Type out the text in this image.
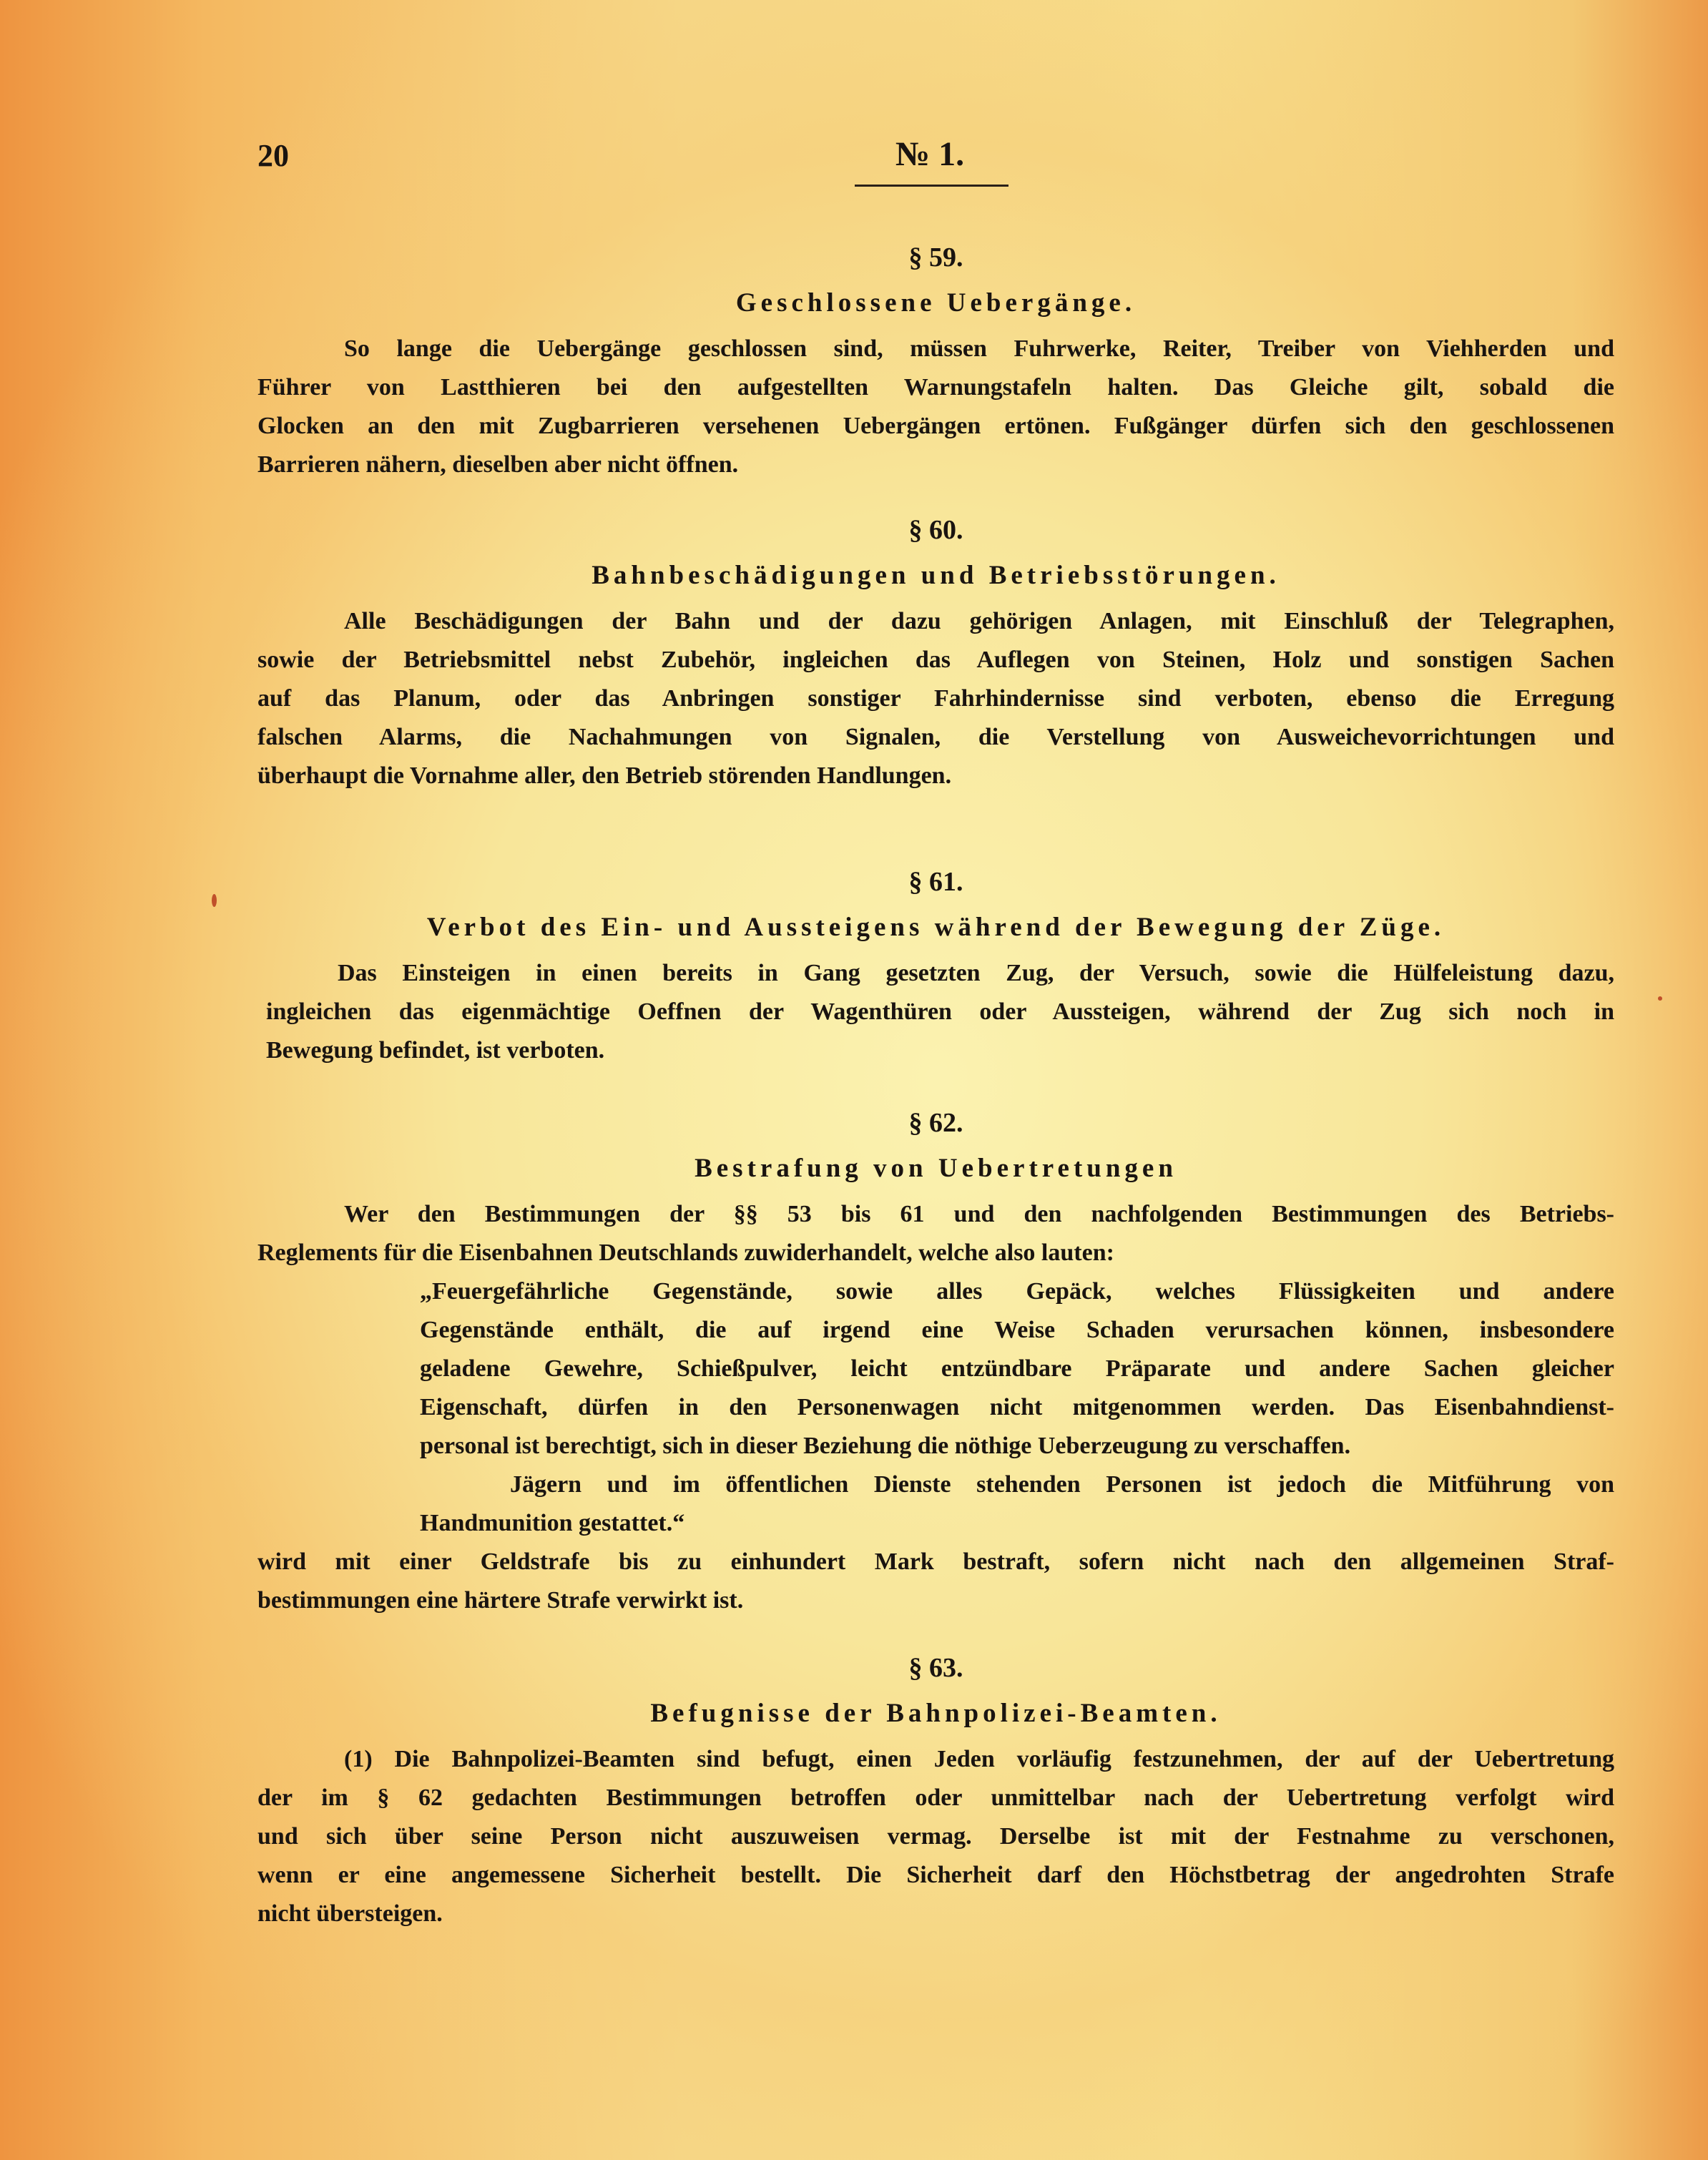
20	№ 1.
§ 59.
Geschlossene Uebergänge.
So lange die Uebergänge geschlossen sind, müssen Fuhrwerke, Reiter, Treiber von Viehherden und
Führer von Lastthieren bei den aufgestellten Warnungstafeln halten. Das Gleiche gilt, sobald die
Glocken an den mit Zugbarrieren versehenen Uebergängen ertönen. Fußgänger dürfen sich den geschlossenen
Barrieren nähern, dieselben aber nicht öffnen.
§ 60.
Bahnbeschädigungen und Betriebsstörungen.
Alle Beschädigungen der Bahn und der dazu gehörigen Anlagen, mit Einschluß der Telegraphen,
sowie der Betriebsmittel nebst Zubehör, ingleichen das Auflegen von Steinen, Holz und sonstigen Sachen
auf das Planum, oder das Anbringen sonstiger Fahrhindernisse sind verboten, ebenso die Erregung
falschen Alarms, die Nachahmungen von Signalen, die Verstellung von Ausweichevorrichtungen und
überhaupt die Vornahme aller, den Betrieb störenden Handlungen.
§ 61.
Verbot des Ein- und Aussteigens während der Bewegung der Züge.
Das Einsteigen in einen bereits in Gang gesetzten Zug, der Versuch, sowie die Hülfeleistung dazu,
ingleichen das eigenmächtige Oeffnen der Wagenthüren oder Aussteigen, während der Zug sich noch in
Bewegung befindet, ist verboten.
§ 62.
Bestrafung von Uebertretungen
Wer den Bestimmungen der §§ 53 bis 61 und den nachfolgenden Bestimmungen des Betriebs-
Reglements für die Eisenbahnen Deutschlands zuwiderhandelt, welche also lauten:
„Feuergefährliche Gegenstände, sowie alles Gepäck, welches Flüssigkeiten und andere
Gegenstände enthält, die auf irgend eine Weise Schaden verursachen können, insbesondere
geladene Gewehre, Schießpulver, leicht entzündbare Präparate und andere Sachen gleicher
Eigenschaft, dürfen in den Personenwagen nicht mitgenommen werden. Das Eisenbahndienst-
personal ist berechtigt, sich in dieser Beziehung die nöthige Ueberzeugung zu verschaffen.
Jägern und im öffentlichen Dienste stehenden Personen ist jedoch die Mitführung von
Handmunition gestattet.“
wird mit einer Geldstrafe bis zu einhundert Mark bestraft, sofern nicht nach den allgemeinen Straf-
bestimmungen eine härtere Strafe verwirkt ist.
§ 63.
Befugnisse der Bahnpolizei-Beamten.
(1) Die Bahnpolizei-Beamten sind befugt, einen Jeden vorläufig festzunehmen, der auf der Uebertretung
der im § 62 gedachten Bestimmungen betroffen oder unmittelbar nach der Uebertretung verfolgt wird
und sich über seine Person nicht auszuweisen vermag. Derselbe ist mit der Festnahme zu verschonen,
wenn er eine angemessene Sicherheit bestellt. Die Sicherheit darf den Höchstbetrag der angedrohten Strafe
nicht übersteigen.
